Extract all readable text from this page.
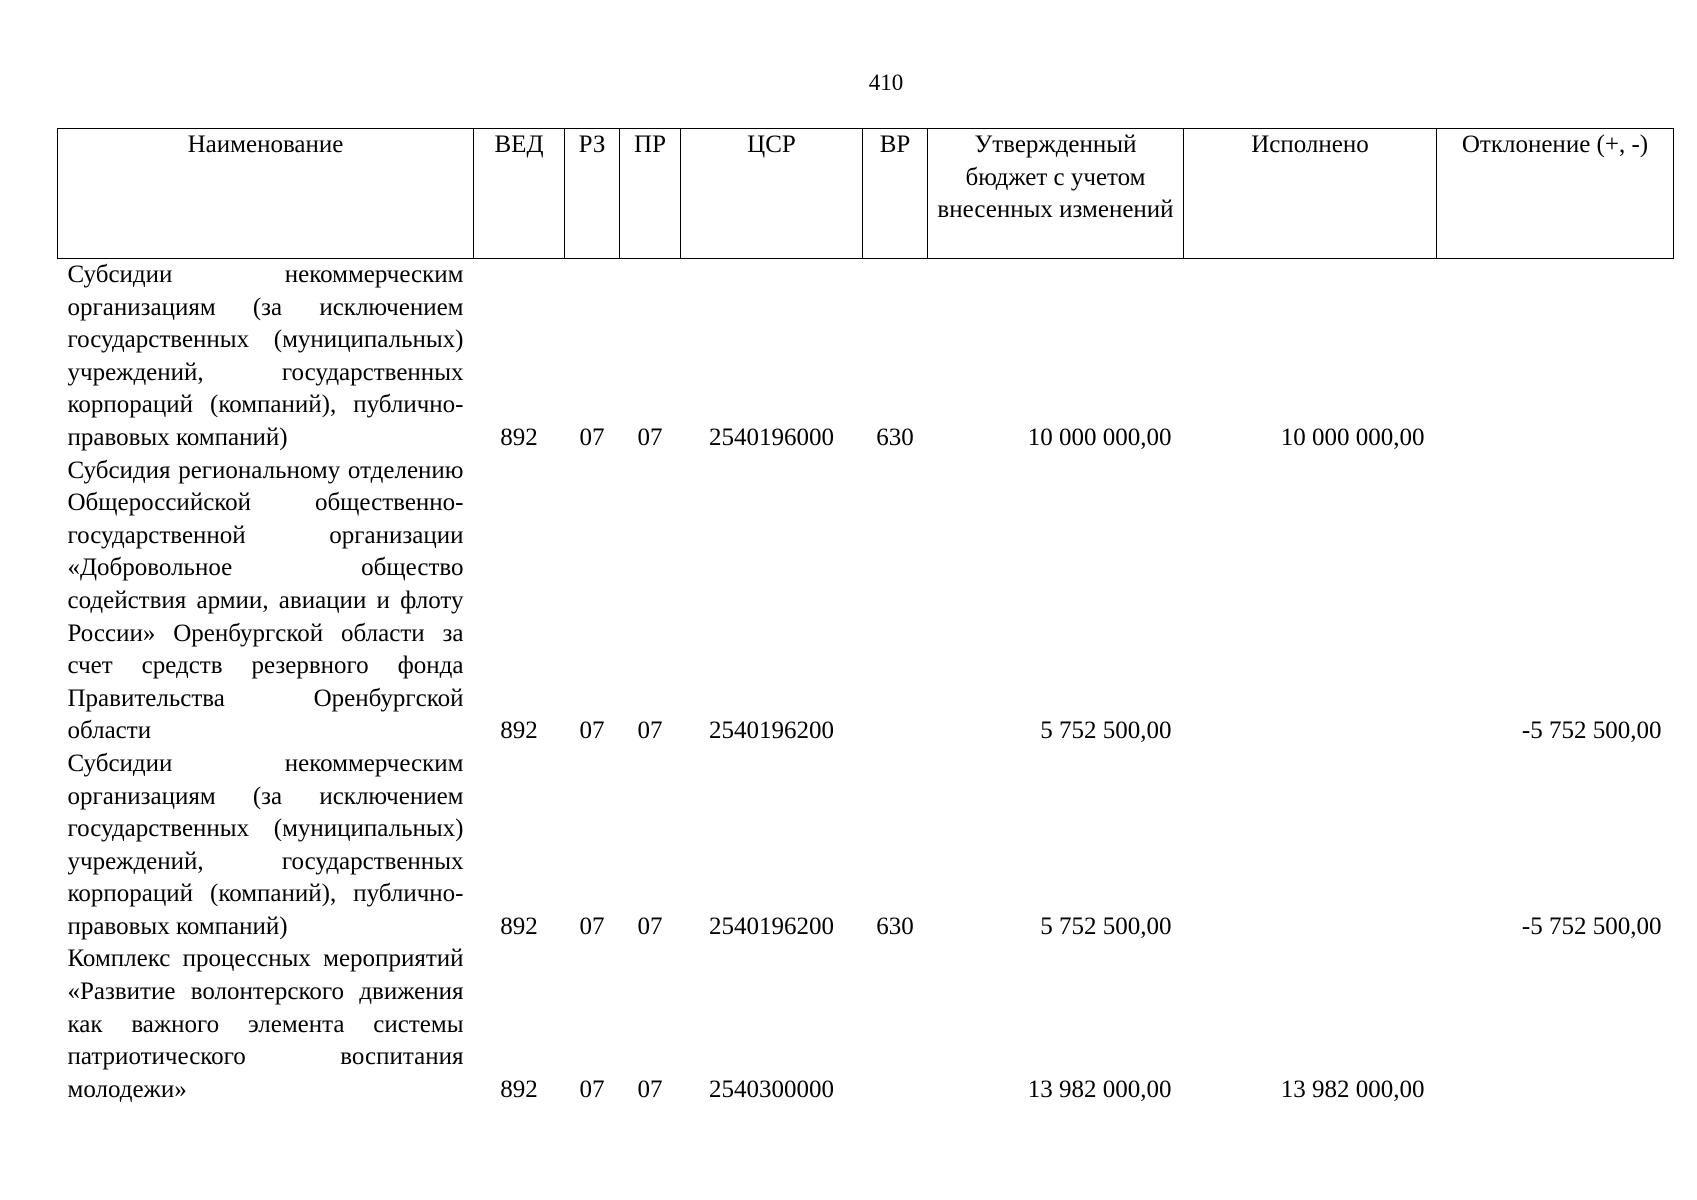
410
Наименование	ВЕД	РЗ	ПР	ЦСР	ВР	Утвержденный бюджет с учетом внесенных изменений	Исполнено	Отклонение (+, -)
Субсидии некоммерческим организациям (за исключением государственных (муниципальных) учреждений, государственных корпораций (компаний), публично-правовых компаний)	892	07	07	2540196000	630	10 000 000,00	10 000 000,00	
Субсидия региональному отделению Общероссийской общественно-государственной организации «Добровольное общество содействия армии, авиации и флоту России» Оренбургской области за счет средств резервного фонда Правительства Оренбургской области	892	07	07	2540196200		5 752 500,00		-5 752 500,00
Субсидии некоммерческим организациям (за исключением государственных (муниципальных) учреждений, государственных корпораций (компаний), публично-правовых компаний)	892	07	07	2540196200	630	5 752 500,00		-5 752 500,00
Комплекс процессных мероприятий «Развитие волонтерского движения как важного элемента системы патриотического воспитания молодежи»	892	07	07	2540300000		13 982 000,00	13 982 000,00	
